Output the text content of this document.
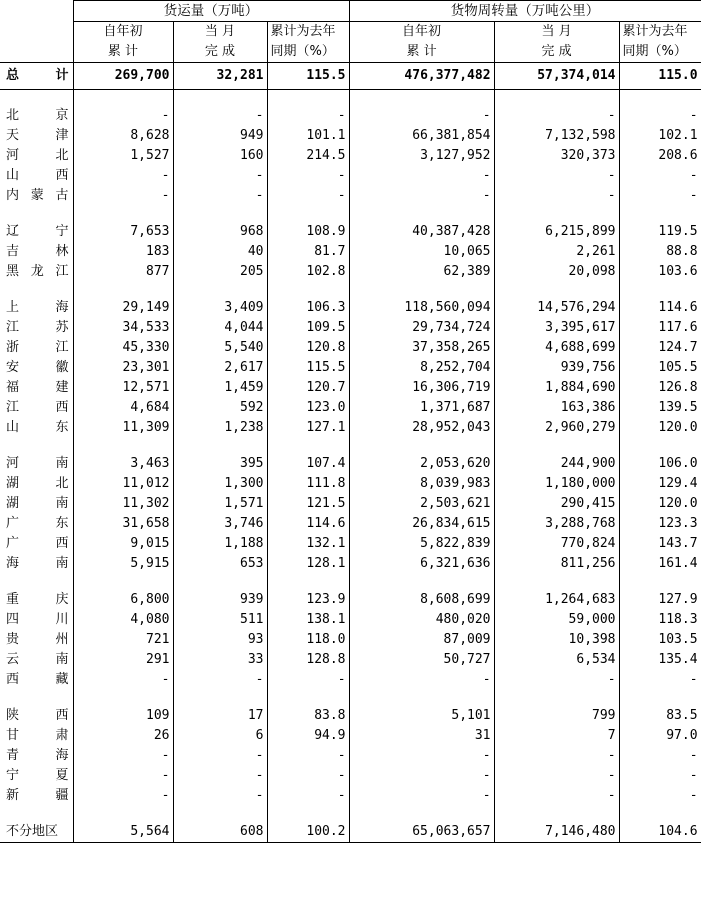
	货运量（万吨）			货物周转量（万吨公里）		
	自年初	当 月	累计为去年	自年初	当 月	累计为去年
	累 计	完 成	同期（%）	累 计	完 成	同期（%）
总 计	269,700	32,281	115.5	476,377,482	57,374,014	115.0

北京	-	-	-	-	-	-
天津	8,628	949	101.1	66,381,854	7,132,598	102.1
河北	1,527	160	214.5	3,127,952	320,373	208.6
山西	-	-	-	-	-	-
内蒙古	-	-	-	-	-	-

辽宁	7,653	968	108.9	40,387,428	6,215,899	119.5
吉林	183	40	81.7	10,065	2,261	88.8
黑龙江	877	205	102.8	62,389	20,098	103.6

上海	29,149	3,409	106.3	118,560,094	14,576,294	114.6
江苏	34,533	4,044	109.5	29,734,724	3,395,617	117.6
浙江	45,330	5,540	120.8	37,358,265	4,688,699	124.7
安徽	23,301	2,617	115.5	8,252,704	939,756	105.5
福建	12,571	1,459	120.7	16,306,719	1,884,690	126.8
江西	4,684	592	123.0	1,371,687	163,386	139.5
山东	11,309	1,238	127.1	28,952,043	2,960,279	120.0

河南	3,463	395	107.4	2,053,620	244,900	106.0
湖北	11,012	1,300	111.8	8,039,983	1,180,000	129.4
湖南	11,302	1,571	121.5	2,503,621	290,415	120.0
广东	31,658	3,746	114.6	26,834,615	3,288,768	123.3
广西	9,015	1,188	132.1	5,822,839	770,824	143.7
海南	5,915	653	128.1	6,321,636	811,256	161.4

重庆	6,800	939	123.9	8,608,699	1,264,683	127.9
四川	4,080	511	138.1	480,020	59,000	118.3
贵州	721	93	118.0	87,009	10,398	103.5
云南	291	33	128.8	50,727	6,534	135.4
西藏	-	-	-	-	-	-

陕西	109	17	83.8	5,101	799	83.5
甘肃	26	6	94.9	31	7	97.0
青海	-	-	-	-	-	-
宁夏	-	-	-	-	-	-
新疆	-	-	-	-	-	-

不分地区	5,564	608	100.2	65,063,657	7,146,480	104.6
